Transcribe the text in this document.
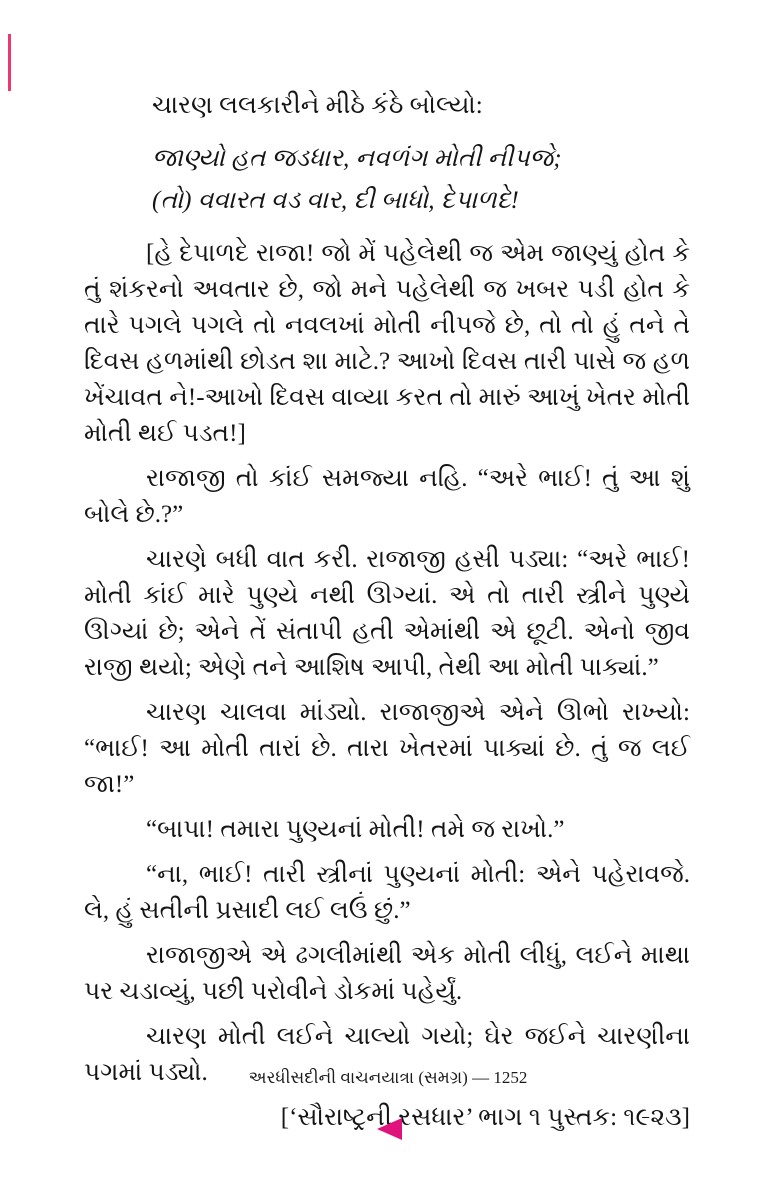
ચારણ લલકારીને મીઠે કંઠે બોલ્યો:

જાણ્યો હત જડધાર, નવળંગ મોતી નીપજે;

(તો) વવારત વડ વાર, દી બાધો, દેપાળદે!

[હે દેપાળદે રાજા! જો મેં પહેલેથી જ એમ જાણ્યું હોત કે તું શંકરનો અવતાર છે, જો મને પહેલેથી જ ખબર પડી હોત કે તારે પગલે પગલે તો નવલખાં મોતી નીપજે છે, તો તો હું તને તે દિવસ હળમાંથી છોડત શા માટે.? આખો દિવસ તારી પાસે જ હળ ખેંચાવત ને!-આખો દિવસ વાવ્યા કરત તો મારું આખું ખેતર મોતી મોતી થઈ પડત!]

રાજાજી તો કાંઈ સમજ્યા નહિ. “અરે ભાઈ! તું આ શું બોલે છે.?”

ચારણે બધી વાત કરી. રાજાજી હસી પડ્યા: “અરે ભાઈ! મોતી કાંઈ મારે પુણ્યે નથી ઊગ્યાં. એ તો તારી સ્ત્રીને પુણ્યે ઊગ્યાં છે; એને તેં સંતાપી હતી એમાંથી એ છૂટી. એનો જીવ રાજી થયો; એણે તને આશિષ આપી, તેથી આ મોતી પાક્યાં.”

ચારણ ચાલવા માંડ્યો. રાજાજીએ એને ઊભો રાખ્યો: “ભાઈ! આ મોતી તારાં છે. તારા ખેતરમાં પાક્યાં છે. તું જ લઈ જા!”

“બાપા! તમારા પુણ્યનાં મોતી! તમે જ રાખો.”

“ના, ભાઈ! તારી સ્ત્રીનાં પુણ્યનાં મોતી: એને પહેરાવજે. લે, હું સતીની પ્રસાદી લઈ લઉં છું.”

રાજાજીએ એ ઢગલીમાંથી એક મોતી લીધું, લઈને માથા પર ચડાવ્યું, પછી પરોવીને ડોકમાં પહેર્યું.

ચારણ મોતી લઈને ચાલ્યો ગયો; ઘેર જઈને ચારણીના પગમાં પડ્યો.

[‘સૌરાષ્ટ્રની રસધાર’ ભાગ ૧ પુસ્તક: ૧૯૨૩]

અરધીસદીની વાચનયાત્રા (સમગ્ર) — 1252
